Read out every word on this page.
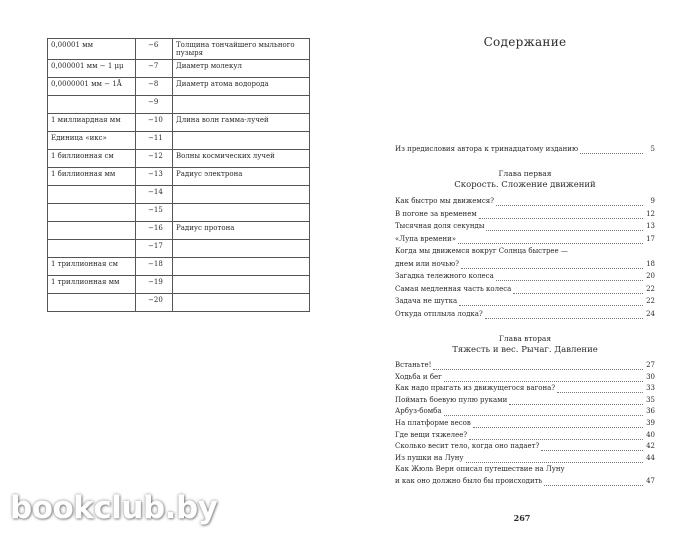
0,00001 мм	−6	Толщина тончайшего мыльного пузыря
0,000001 мм − 1 μμ	−7	Диаметр молекул
0,0000001 мм − 1Å	−8	Диаметр атома водорода
	−9	
1 миллиардная мм	−10	Длина волн гамма-лучей
Единица «икс»	−11	
1 биллионная см	−12	Волны космических лучей
1 биллионная мм	−13	Радиус электрона
	−14	
	−15	
	−16	Радиус протона
	−17	
1 триллионная см	−18	
1 триллионная мм	−19	
	−20	
Содержание
Из предисловия автора к тринадцатому изданию	5
Глава первая
Скорость. Сложение движений
Как быстро мы движемся?	9
В погоне за временем	12
Тысячная доля секунды	13
«Лупа времени»	17
Когда мы движемся вокруг Солнца быстрее —
днем или ночью?	18
Загадка тележного колеса	20
Самая медленная часть колеса	22
Задача не шутка	22
Откуда отплыла лодка?	24
Глава вторая
Тяжесть и вес. Рычаг. Давление
Встаньте!	27
Ходьба и бег	30
Как надо прыгать из движущегося вагона?	33
Поймать боевую пулю руками	35
Арбуз-бомба	36
На платформе весов	39
Где вещи тяжелее?	40
Сколько весит тело, когда оно падает?	42
Из пушки на Луну	44
Как Жюль Верн описал путешествие на Луну
и как оно должно было бы происходить	47
267
bookclub.by
